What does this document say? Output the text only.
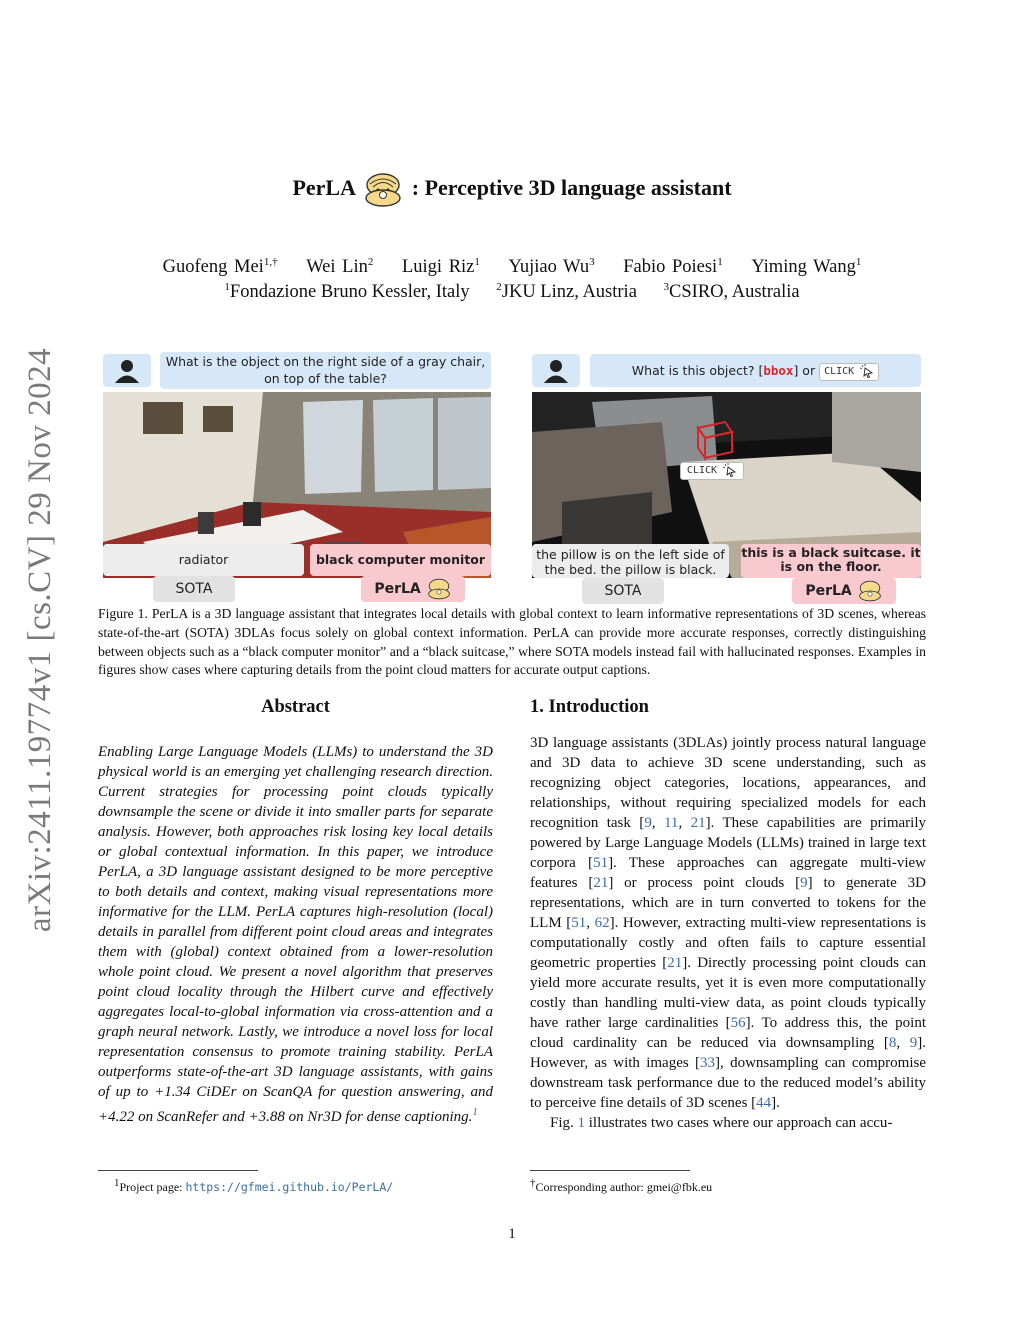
arXiv:2411.19774v1 [cs.CV] 29 Nov 2024
PerLA	: Perceptive 3D language assistant
Guofeng Mei$^{1,\dagger}$ Wei Lin$^2$ Luigi Riz$^1$ Yujiao Wu$^3$ Fabio Poiesi$^1$ Yiming Wang$^1$
$^1$Fondazione Bruno Kessler, Italy $^2$JKU Linz, Austria $^3$CSIRO, Australia
What is the object on the right side of a gray chair, on top of the table?
radiator	black computer monitor
SOTA	PerLA
What is this object? [bbox] or CLICK
CLICK
the pillow is on the left side of the bed. the pillow is black.
this is a black suitcase. it is on the floor.
SOTA	PerLA
Figure 1. PerLA is a 3D language assistant that integrates local details with global context to learn informative representations of 3D scenes, whereas state-of-the-art (SOTA) 3DLAs focus solely on global context information. PerLA can provide more accurate responses, correctly distinguishing between objects such as a “black computer monitor” and a “black suitcase,” where SOTA models instead fail with hallucinated responses. Examples in figures show cases where capturing details from the point cloud matters for accurate output captions.
Abstract
Enabling Large Language Models (LLMs) to understand the 3D physical world is an emerging yet challenging research direction. Current strategies for processing point clouds typically downsample the scene or divide it into smaller parts for separate analysis. However, both approaches risk losing key local details or global contextual information. In this paper, we introduce PerLA, a 3D language assistant designed to be more perceptive to both details and context, making visual representations more informative for the LLM. PerLA captures high-resolution (local) details in parallel from different point cloud areas and integrates them with (global) context obtained from a lower-resolution whole point cloud. We present a novel algorithm that preserves point cloud locality through the Hilbert curve and effectively aggregates local-to-global information via cross-attention and a graph neural network. Lastly, we introduce a novel loss for local representation consensus to promote training stability. PerLA outperforms state-of-the-art 3D language assistants, with gains of up to +1.34 CiDEr on ScanQA for question answering, and +4.22 on ScanRefer and +3.88 on Nr3D for dense captioning.$^1$
1. Introduction

3D language assistants (3DLAs) jointly process natural language and 3D data to achieve 3D scene understanding, such as recognizing object categories, locations, appearances, and relationships, without requiring specialized models for each recognition task [9, 11, 21]. These capabilities are primarily powered by Large Language Models (LLMs) trained in large text corpora [51]. These approaches can aggregate multi-view features [21] or process point clouds [9] to generate 3D representations, which are in turn converted to tokens for the LLM [51, 62]. However, extracting multi-view representations is computationally costly and often fails to capture essential geometric properties [21]. Directly processing point clouds can yield more accurate results, yet it is even more computationally costly than handling multi-view data, as point clouds typically have rather large cardinalities [56]. To address this, the point cloud cardinality can be reduced via downsampling [8, 9]. However, as with images [33], downsampling can compromise downstream task performance due to the reduced model’s ability to perceive fine details of 3D scenes [44].

Fig. 1 illustrates two cases where our approach can accu-

$^1$Project page: https://gfmei.github.io/PerLA/	†Corresponding author: gmei@fbk.eu
1
